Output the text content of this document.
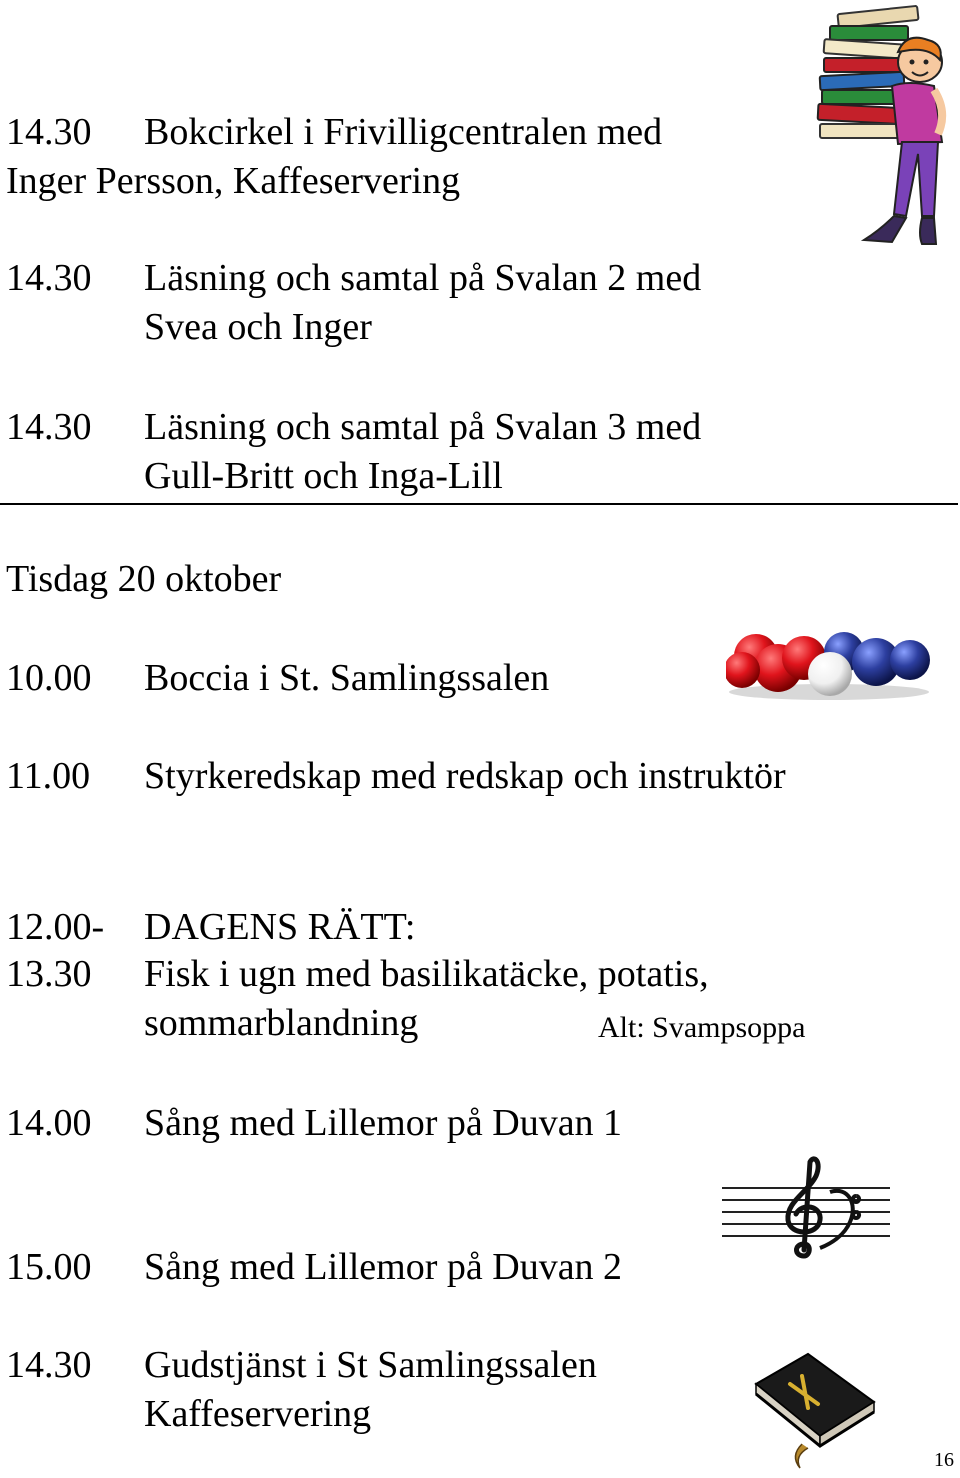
14.30 Bokcirkel i Frivilligcentralen med
Inger Persson, Kaffeservering
14.30 Läsning och samtal på Svalan 2 med
Svea och Inger
14.30 Läsning och samtal på Svalan 3 med
Gull-Britt och Inga-Lill
Tisdag 20 oktober
10.00 Boccia i St. Samlingssalen
11.00 Styrkeredskap med redskap och instruktör
12.00- DAGENS RÄTT:
13.30 Fisk i ugn med basilikatäcke, potatis,
sommarblandning	Alt: Svampsoppa
14.00 Sång med Lillemor på Duvan 1
15.00 Sång med Lillemor på Duvan 2
14.30 Gudstjänst i St Samlingssalen
Kaffeservering
16
